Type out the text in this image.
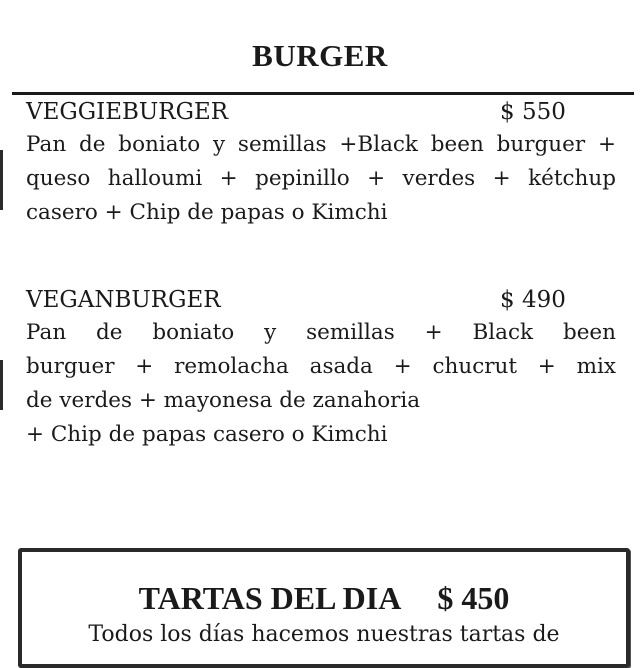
BURGER
VEGGIEBURGER	$ 550

Pan de boniato y semillas +Black been burguer +
queso halloumi + pepinillo + verdes + kétchup
casero + Chip de papas o Kimchi

VEGANBURGER	$ 490

Pan de boniato y semillas + Black been
burguer + remolacha asada + chucrut + mix
de verdes + mayonesa de zanahoria
+ Chip de papas casero o Kimchi

TARTAS DEL DIA $ 450
Todos los días hacemos nuestras tartas de
